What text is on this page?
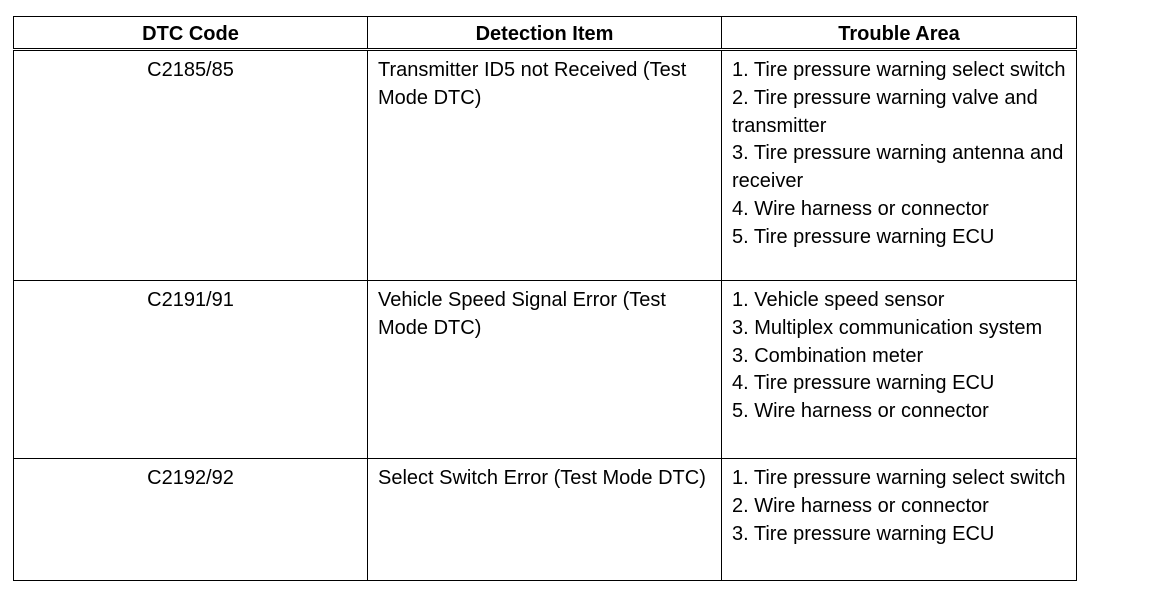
DTC Code	Detection Item	Trouble Area
C2185/85	Transmitter ID5 not Received (Test Mode DTC)	1. Tire pressure warning select switch
2. Tire pressure warning valve and transmitter
3. Tire pressure warning antenna and receiver
4. Wire harness or connector
5. Tire pressure warning ECU

C2191/91	Vehicle Speed Signal Error (Test Mode DTC)	1. Vehicle speed sensor
3. Multiplex communication system
3. Combination meter
4. Tire pressure warning ECU
5. Wire harness or connector

C2192/92	Select Switch Error (Test Mode DTC)	1. Tire pressure warning select switch
2. Wire harness or connector
3. Tire pressure warning ECU
